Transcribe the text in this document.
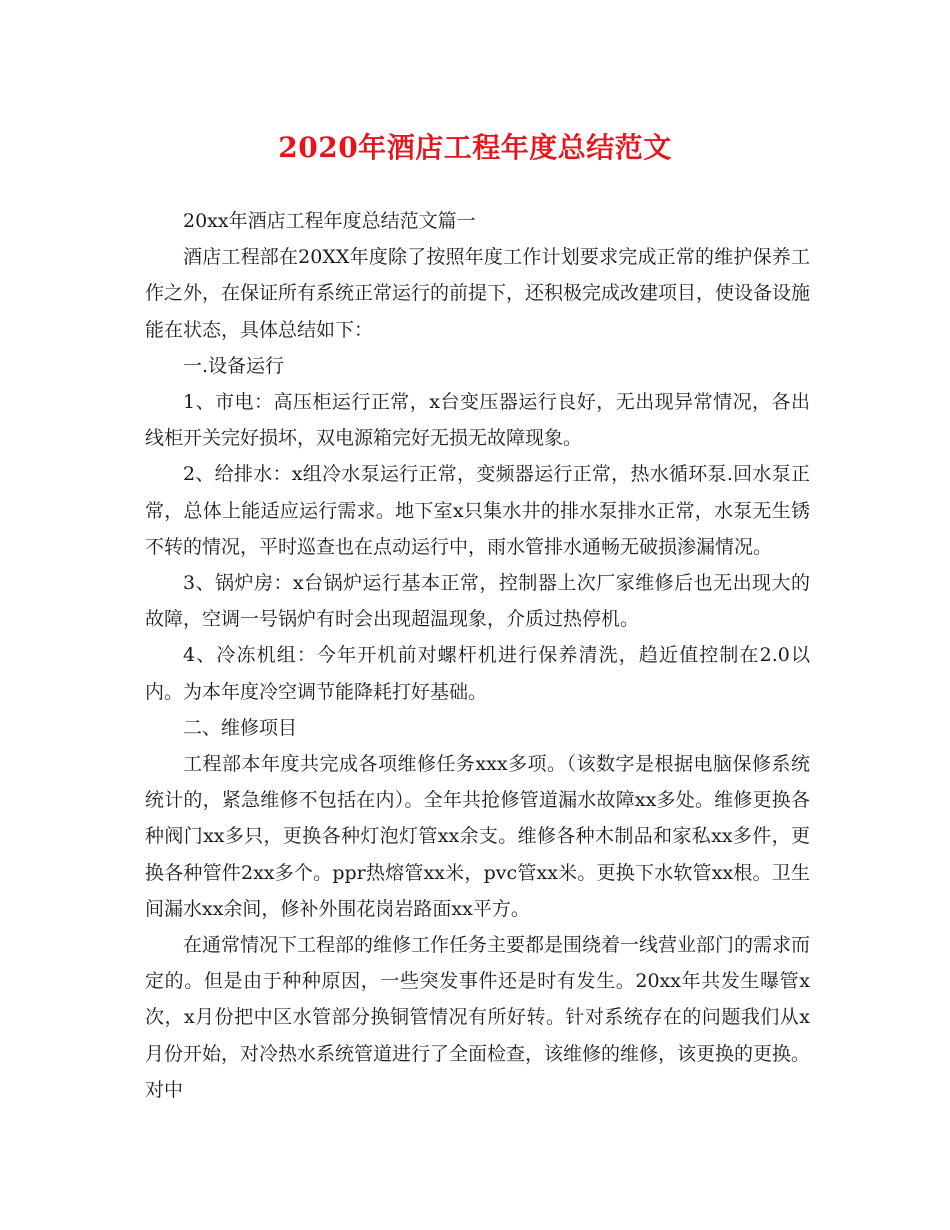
2020年酒店工程年度总结范文

20xx年酒店工程年度总结范文篇一

酒店工程部在20XX年度除了按照年度工作计划要求完成正常的维护保养工作之外，在保证所有系统正常运行的前提下，还积极完成改建项目，使设备设施能在状态，具体总结如下：

一.设备运行

1、市电：高压柜运行正常，x台变压器运行良好，无出现异常情况，各出线柜开关完好损坏，双电源箱完好无损无故障现象。

2、给排水：x组冷水泵运行正常，变频器运行正常，热水循环泵.回水泵正常，总体上能适应运行需求。地下室x只集水井的排水泵排水正常，水泵无生锈不转的情况，平时巡查也在点动运行中，雨水管排水通畅无破损渗漏情况。

3、锅炉房：x台锅炉运行基本正常，控制器上次厂家维修后也无出现大的故障，空调一号锅炉有时会出现超温现象，介质过热停机。

4、冷冻机组：今年开机前对螺杆机进行保养清洗，趋近值控制在2.0以内。为本年度冷空调节能降耗打好基础。

二、维修项目

工程部本年度共完成各项维修任务xxx多项。（该数字是根据电脑保修系统统计的，紧急维修不包括在内）。全年共抢修管道漏水故障xx多处。维修更换各种阀门xx多只，更换各种灯泡灯管xx余支。维修各种木制品和家私xx多件，更换各种管件2xx多个。ppr热熔管xx米，pvc管xx米。更换下水软管xx根。卫生间漏水xx余间，修补外围花岗岩路面xx平方。

在通常情况下工程部的维修工作任务主要都是围绕着一线营业部门的需求而定的。但是由于种种原因，一些突发事件还是时有发生。20xx年共发生曝管x次，x月份把中区水管部分换铜管情况有所好转。针对系统存在的问题我们从x月份开始，对冷热水系统管道进行了全面检查，该维修的维修，该更换的更换。对中
